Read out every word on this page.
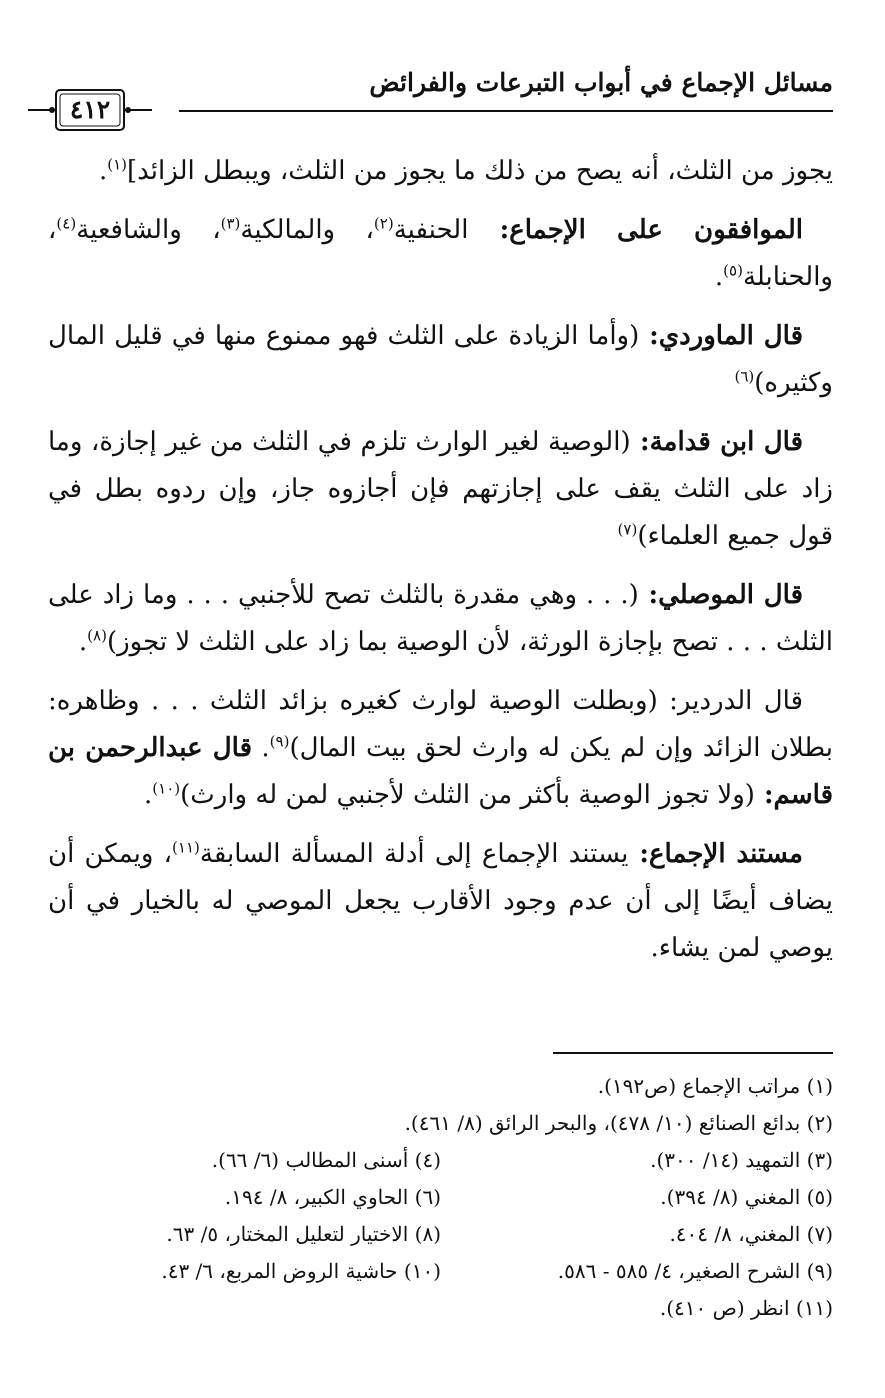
مسائل الإجماع في أبواب التبرعات والفرائض
٤١٢

يجوز من الثلث، أنه يصح من ذلك ما يجوز من الثلث، ويبطل الزائد]$^{(١)}$.

الموافقون على الإجماع: الحنفية$^{(٢)}$، والمالكية$^{(٣)}$، والشافعية$^{(٤)}$، والحنابلة$^{(٥)}$.

قال الماوردي: (وأما الزيادة على الثلث فهو ممنوع منها في قليل المال وكثيره)$^{(٦)}$

قال ابن قدامة: (الوصية لغير الوارث تلزم في الثلث من غير إجازة، وما زاد على الثلث يقف على إجازتهم فإن أجازوه جاز، وإن ردوه بطل في قول جميع العلماء)$^{(٧)}$

قال الموصلي: (. . . وهي مقدرة بالثلث تصح للأجنبي . . . وما زاد على الثلث . . . تصح بإجازة الورثة، لأن الوصية بما زاد على الثلث لا تجوز)$^{(٨)}$.

قال الدردير: (وبطلت الوصية لوارث كغيره بزائد الثلث . . . وظاهره: بطلان الزائد وإن لم يكن له وارث لحق بيت المال)$^{(٩)}$. قال عبدالرحمن بن قاسم: (ولا تجوز الوصية بأكثر من الثلث لأجنبي لمن له وارث)$^{(١٠)}$.

مستند الإجماع: يستند الإجماع إلى أدلة المسألة السابقة$^{(١١)}$، ويمكن أن يضاف أيضًا إلى أن عدم وجود الأقارب يجعل الموصي له بالخيار في أن يوصي لمن يشاء.

(١) مراتب الإجماع (ص١٩٢).
(٢) بدائع الصنائع (١٠/ ٤٧٨)، والبحر الرائق (٨/ ٤٦١).
(٣) التمهيد (١٤/ ٣٠٠).
(٤) أسنى المطالب (٦/ ٦٦).
(٥) المغني (٨/ ٣٩٤).
(٦) الحاوي الكبير، ٨/ ١٩٤.
(٧) المغني، ٨/ ٤٠٤.
(٨) الاختيار لتعليل المختار، ٥/ ٦٣.
(٩) الشرح الصغير، ٤/ ٥٨٥ - ٥٨٦.
(١٠) حاشية الروض المربع، ٦/ ٤٣.
(١١) انظر (ص ٤١٠).
